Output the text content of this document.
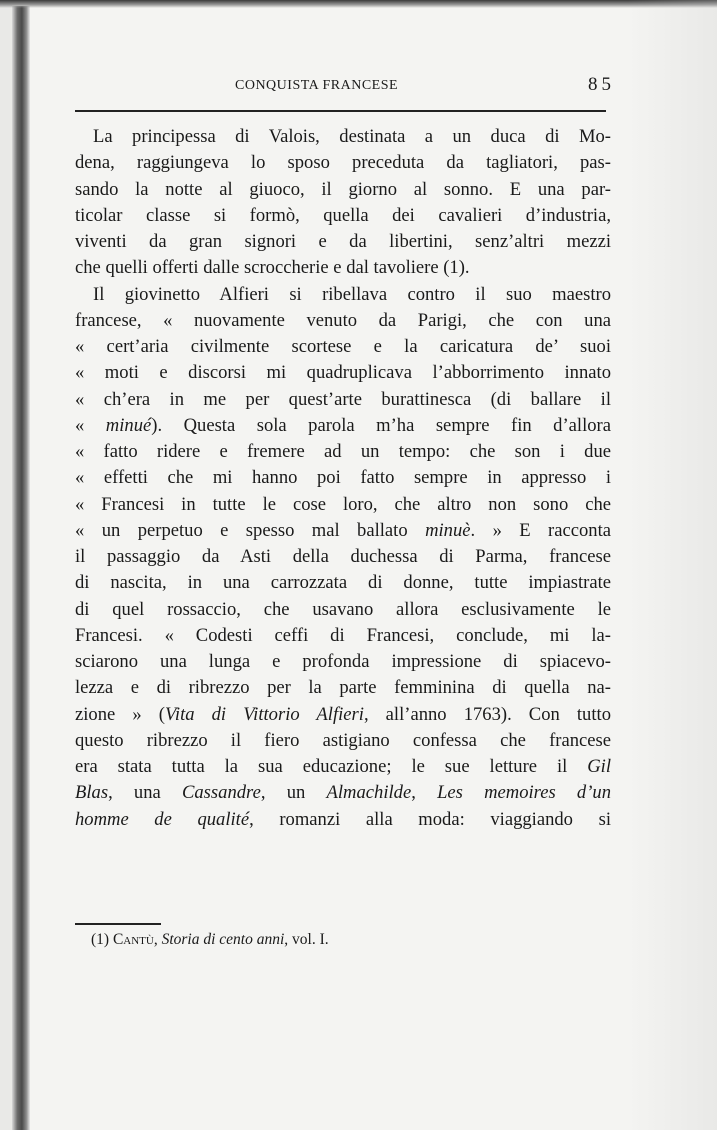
CONQUISTA FRANCESE	85
La principessa di Valois, destinata a un duca di Mo-
dena, raggiungeva lo sposo preceduta da tagliatori, pas-
sando la notte al giuoco, il giorno al sonno. E una par-
ticolar classe si formò, quella dei cavalieri d’industria,
viventi da gran signori e da libertini, senz’altri mezzi
che quelli offerti dalle scroccherie e dal tavoliere (1).
Il giovinetto Alfieri si ribellava contro il suo maestro
francese, « nuovamente venuto da Parigi, che con una
« cert’aria civilmente scortese e la caricatura de’ suoi
« moti e discorsi mi quadruplicava l’abborrimento innato
« ch’era in me per quest’arte burattinesca (di ballare il
« minué). Questa sola parola m’ha sempre fin d’allora
« fatto ridere e fremere ad un tempo: che son i due
« effetti che mi hanno poi fatto sempre in appresso i
« Francesi in tutte le cose loro, che altro non sono che
« un perpetuo e spesso mal ballato minuè. » E racconta
il passaggio da Asti della duchessa di Parma, francese
di nascita, in una carrozzata di donne, tutte impiastrate
di quel rossaccio, che usavano allora esclusivamente le
Francesi. « Codesti ceffi di Francesi, conclude, mi la-
sciarono una lunga e profonda impressione di spiacevo-
lezza e di ribrezzo per la parte femminina di quella na-
zione » (Vita di Vittorio Alfieri, all’anno 1763). Con tutto
questo ribrezzo il fiero astigiano confessa che francese
era stata tutta la sua educazione; le sue letture il Gil
Blas, una Cassandre, un Almachilde, Les memoires d’un
homme de qualité, romanzi alla moda: viaggiando si
(1) Cantù, Storia di cento anni, vol. I.
